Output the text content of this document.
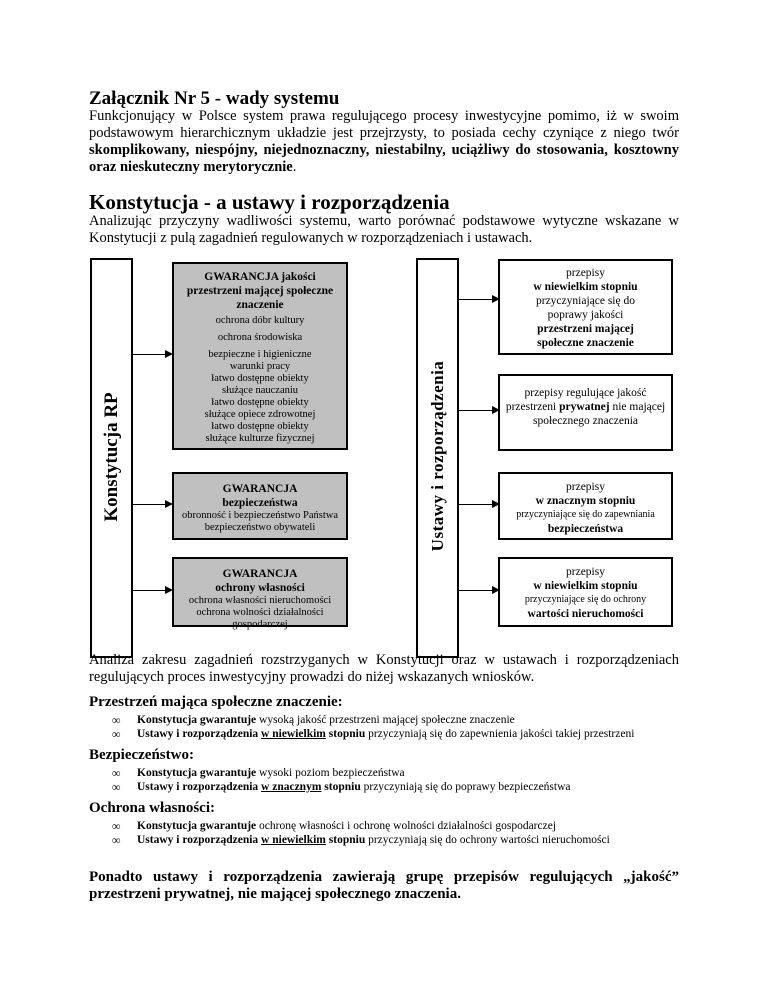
Załącznik Nr 5 - wady systemu
Funkcjonujący w Polsce system prawa regulującego procesy inwestycyjne pomimo, iż w swoim podstawowym hierarchicznym układzie jest przejrzysty, to posiada cechy czyniące z niego twór skomplikowany, niespójny, niejednoznaczny, niestabilny, uciążliwy do stosowania, kosztowny oraz nieskuteczny merytorycznie.
Konstytucja - a ustawy i rozporządzenia
Analizując przyczyny wadliwości systemu, warto porównać podstawowe wytyczne wskazane w Konstytucji z pulą zagadnień regulowanych w rozporządzeniach i ustawach.
Konstytucja RP	Ustawy i rozporządzenia
GWARANCJA jakości przestrzeni mającej społeczne znaczenie
ochrona dóbr kultury
ochrona środowiska
bezpieczne i higieniczne warunki pracy
łatwo dostępne obiekty służące nauczaniu
łatwo dostępne obiekty służące opiece zdrowotnej
łatwo dostępne obiekty służące kulturze fizycznej
GWARANCJA bezpieczeństwa
obronność i bezpieczeństwo Państwa
bezpieczeństwo obywateli
GWARANCJA ochrony własności
ochrona własności nieruchomości
ochrona wolności działalności gospodarczej
przepisy
w niewielkim stopniu
przyczyniające się do poprawy jakości
przestrzeni mającej społeczne znaczenie
przepisy regulujące jakość przestrzeni prywatnej nie mającej społecznego znaczenia
przepisy
w znacznym stopniu
przyczyniające się do zapewniania
bezpieczeństwa
przepisy
w niewielkim stopniu
przyczyniające się do ochrony
wartości nieruchomości
Analiza zakresu zagadnień rozstrzyganych w Konstytucji oraz w ustawach i rozporządzeniach regulujących proces inwestycyjny prowadzi do niżej wskazanych wniosków.
Przestrzeń mająca społeczne znaczenie:
∞ Konstytucja gwarantuje wysoką jakość przestrzeni mającej społeczne znaczenie
∞ Ustawy i rozporządzenia w niewielkim stopniu przyczyniają się do zapewnienia jakości takiej przestrzeni
Bezpieczeństwo:
∞ Konstytucja gwarantuje wysoki poziom bezpieczeństwa
∞ Ustawy i rozporządzenia w znacznym stopniu przyczyniają się do poprawy bezpieczeństwa
Ochrona własności:
∞ Konstytucja gwarantuje ochronę własności i ochronę wolności działalności gospodarczej
∞ Ustawy i rozporządzenia w niewielkim stopniu przyczyniają się do ochrony wartości nieruchomości
Ponadto ustawy i rozporządzenia zawierają grupę przepisów regulujących „jakość” przestrzeni prywatnej, nie mającej społecznego znaczenia.
